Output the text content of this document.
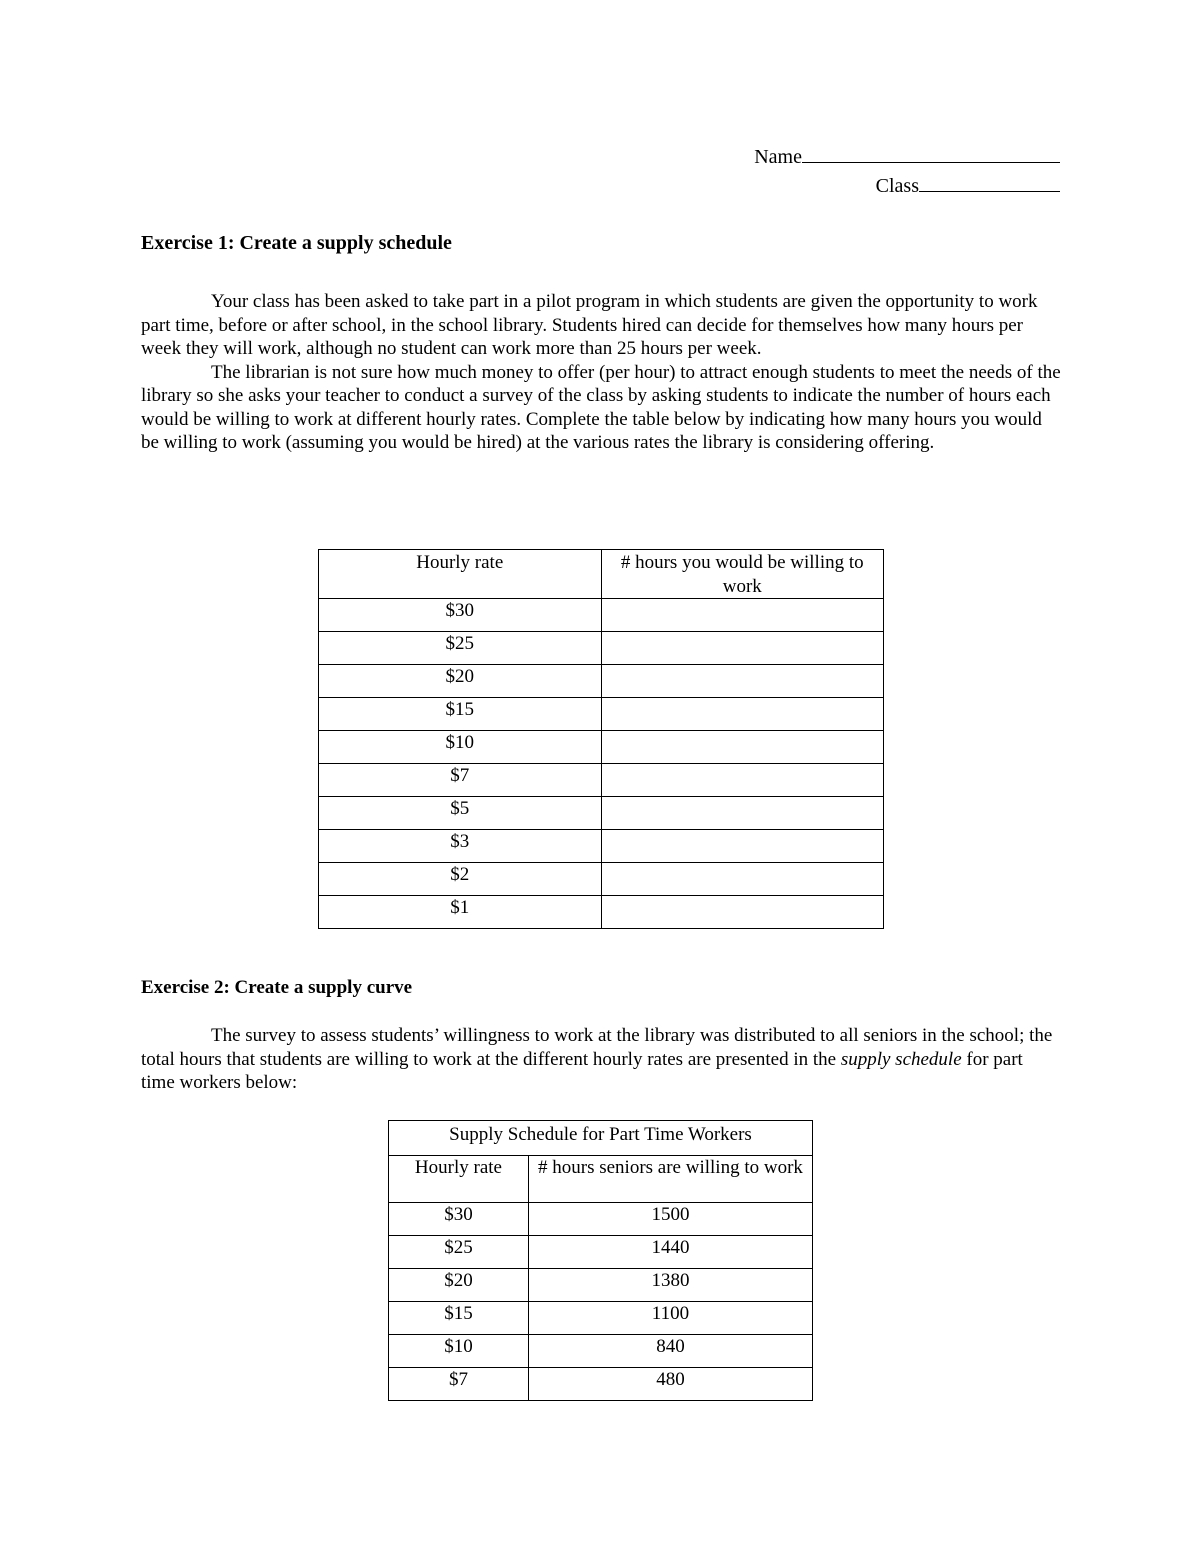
Name
Class
Exercise 1: Create a supply schedule

Your class has been asked to take part in a pilot program in which students are given the opportunity to work part time, before or after school, in the school library. Students hired can decide for themselves how many hours per week they will work, although no student can work more than 25 hours per week.

The librarian is not sure how much money to offer (per hour) to attract enough students to meet the needs of the library so she asks your teacher to conduct a survey of the class by asking students to indicate the number of hours each would be willing to work at different hourly rates. Complete the table below by indicating how many hours you would be willing to work (assuming you would be hired) at the various rates the library is considering offering.

Hourly rate	# hours you would be willing to work
$30	
$25	
$20	
$15	
$10	
$7	
$5	
$3	
$2	
$1	
Exercise 2: Create a supply curve

The survey to assess students’ willingness to work at the library was distributed to all seniors in the school; the total hours that students are willing to work at the different hourly rates are presented in the supply schedule for part time workers below:

Supply Schedule for Part Time Workers	
Hourly rate	# hours seniors are willing to work
$30	1500
$25	1440
$20	1380
$15	1100
$10	840
$7	480
